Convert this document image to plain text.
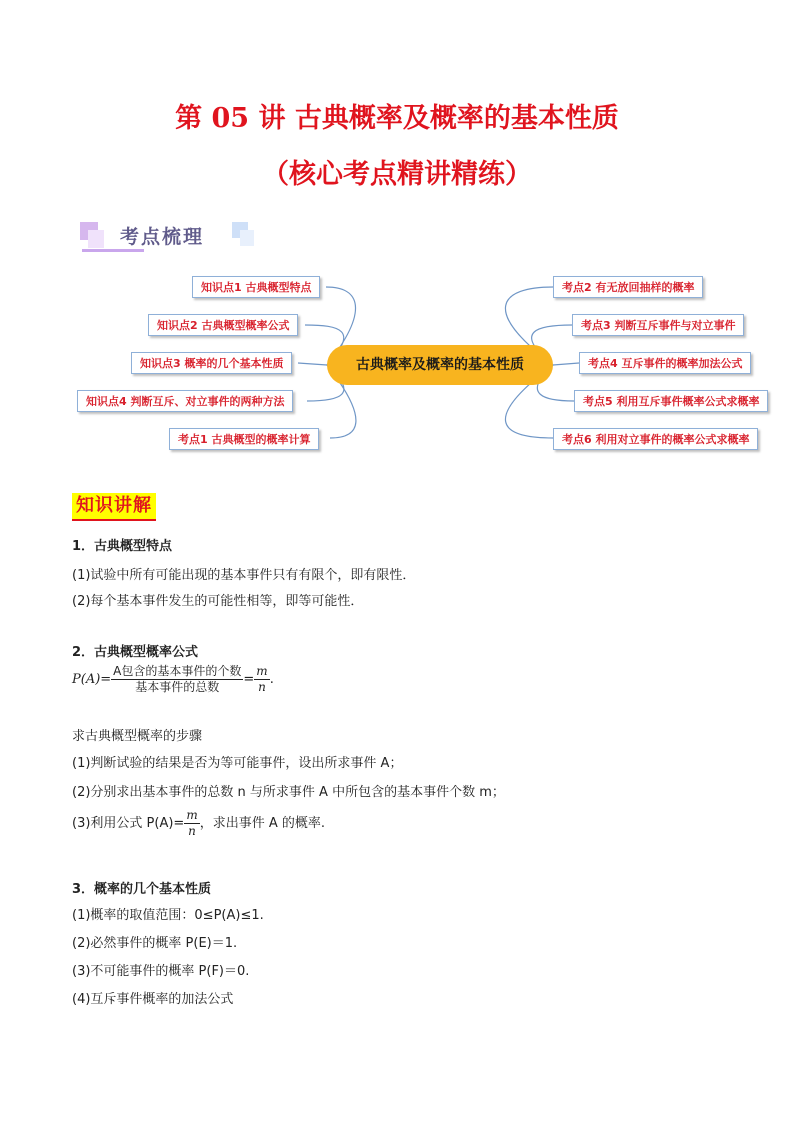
第 05 讲 古典概率及概率的基本性质
（核心考点精讲精练）
考点梳理
知识点1 古典概型特点
知识点2 古典概型概率公式
知识点3 概率的几个基本性质
知识点4 判断互斥、对立事件的两种方法
考点1 古典概型的概率计算
古典概率及概率的基本性质
考点2 有无放回抽样的概率
考点3 判断互斥事件与对立事件
考点4 互斥事件的概率加法公式
考点5 利用互斥事件概率公式求概率
考点6 利用对立事件的概率公式求概率
知识讲解
1．古典概型特点
(1)试验中所有可能出现的基本事件只有有限个，即有限性．
(2)每个基本事件发生的可能性相等，即等可能性．
2．古典概型概率公式
$P(A)= \frac{\text{A包含的基本事件的个数}}{\text{基本事件的总数}} = \frac{m}{n}$ .
求古典概型概率的步骤
(1)判断试验的结果是否为等可能事件，设出所求事件 A；
(2)分别求出基本事件的总数 n 与所求事件 A 中所包含的基本事件个数 m；
(3)利用公式 $P(A)= \frac{m}{n}$ ，求出事件 A 的概率.
3．概率的几个基本性质
(1)概率的取值范围：0≤P(A)≤1.
(2)必然事件的概率 P(E)＝1.
(3)不可能事件的概率 P(F)＝0.
(4)互斥事件概率的加法公式
